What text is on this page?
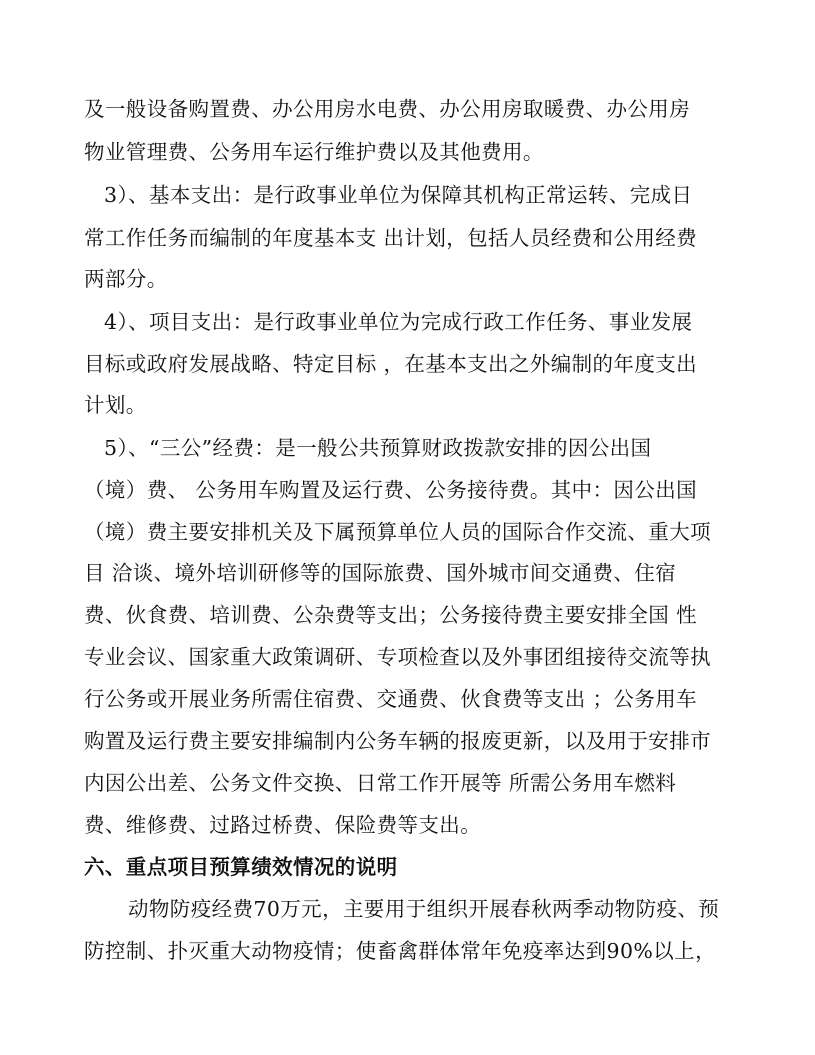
及一般设备购置费、办公用房水电费、办公用房取暖费、办公用房
物业管理费、公务用车运行维护费以及其他费用。
3）、基本支出：是行政事业单位为保障其机构正常运转、完成日
常工作任务而编制的年度基本支 出计划，包括人员经费和公用经费
两部分。
4）、项目支出：是行政事业单位为完成行政工作任务、事业发展
目标或政府发展战略、特定目标 ，在基本支出之外编制的年度支出
计划。
5）、“三公”经费：是一般公共预算财政拨款安排的因公出国
（境）费、 公务用车购置及运行费、公务接待费。其中：因公出国
（境）费主要安排机关及下属预算单位人员的国际合作交流、重大项
目 洽谈、境外培训研修等的国际旅费、国外城市间交通费、住宿
费、伙食费、培训费、公杂费等支出；公务接待费主要安排全国 性
专业会议、国家重大政策调研、专项检查以及外事团组接待交流等执
行公务或开展业务所需住宿费、交通费、伙食费等支出 ；公务用车
购置及运行费主要安排编制内公务车辆的报废更新，以及用于安排市
内因公出差、公务文件交换、日常工作开展等 所需公务用车燃料
费、维修费、过路过桥费、保险费等支出。
六、重点项目预算绩效情况的说明
动物防疫经费70万元，主要用于组织开展春秋两季动物防疫、预
防控制、扑灭重大动物疫情；使畜禽群体常年免疫率达到90%以上，
